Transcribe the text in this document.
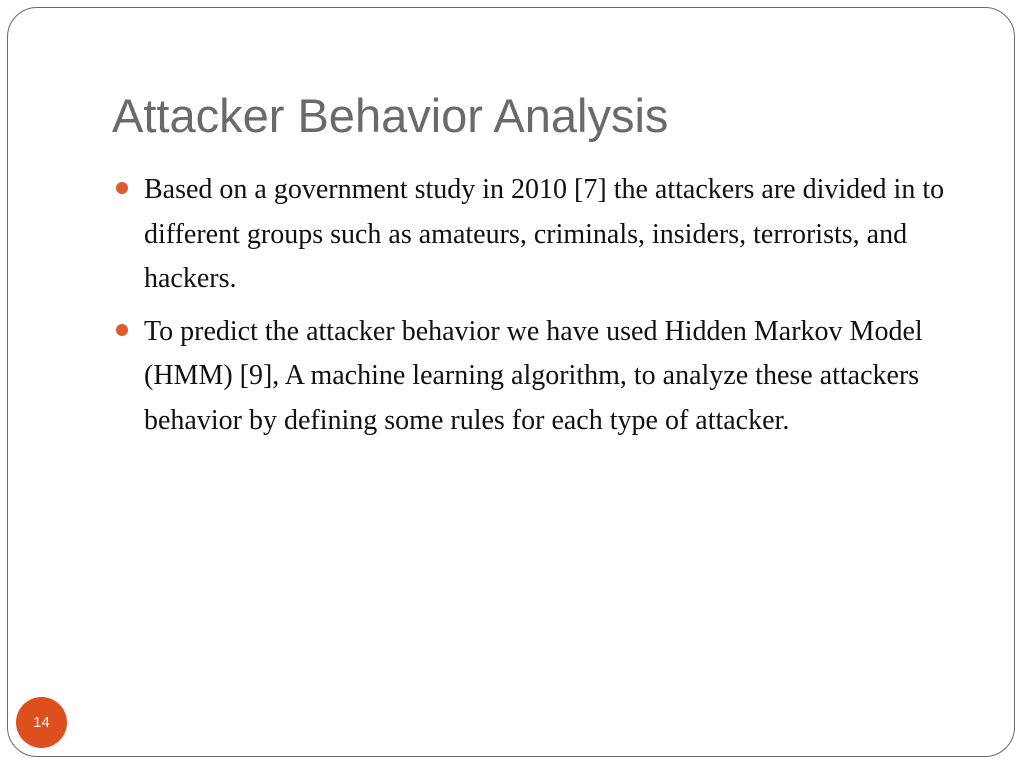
Attacker Behavior Analysis
Based on a government study in 2010 [7] the attackers are divided in to different groups such as amateurs, criminals, insiders, terrorists, and hackers.
To predict the attacker behavior we have used Hidden Markov Model (HMM) [9], A machine learning algorithm, to analyze these attackers behavior by defining some rules for each type of attacker.
14
